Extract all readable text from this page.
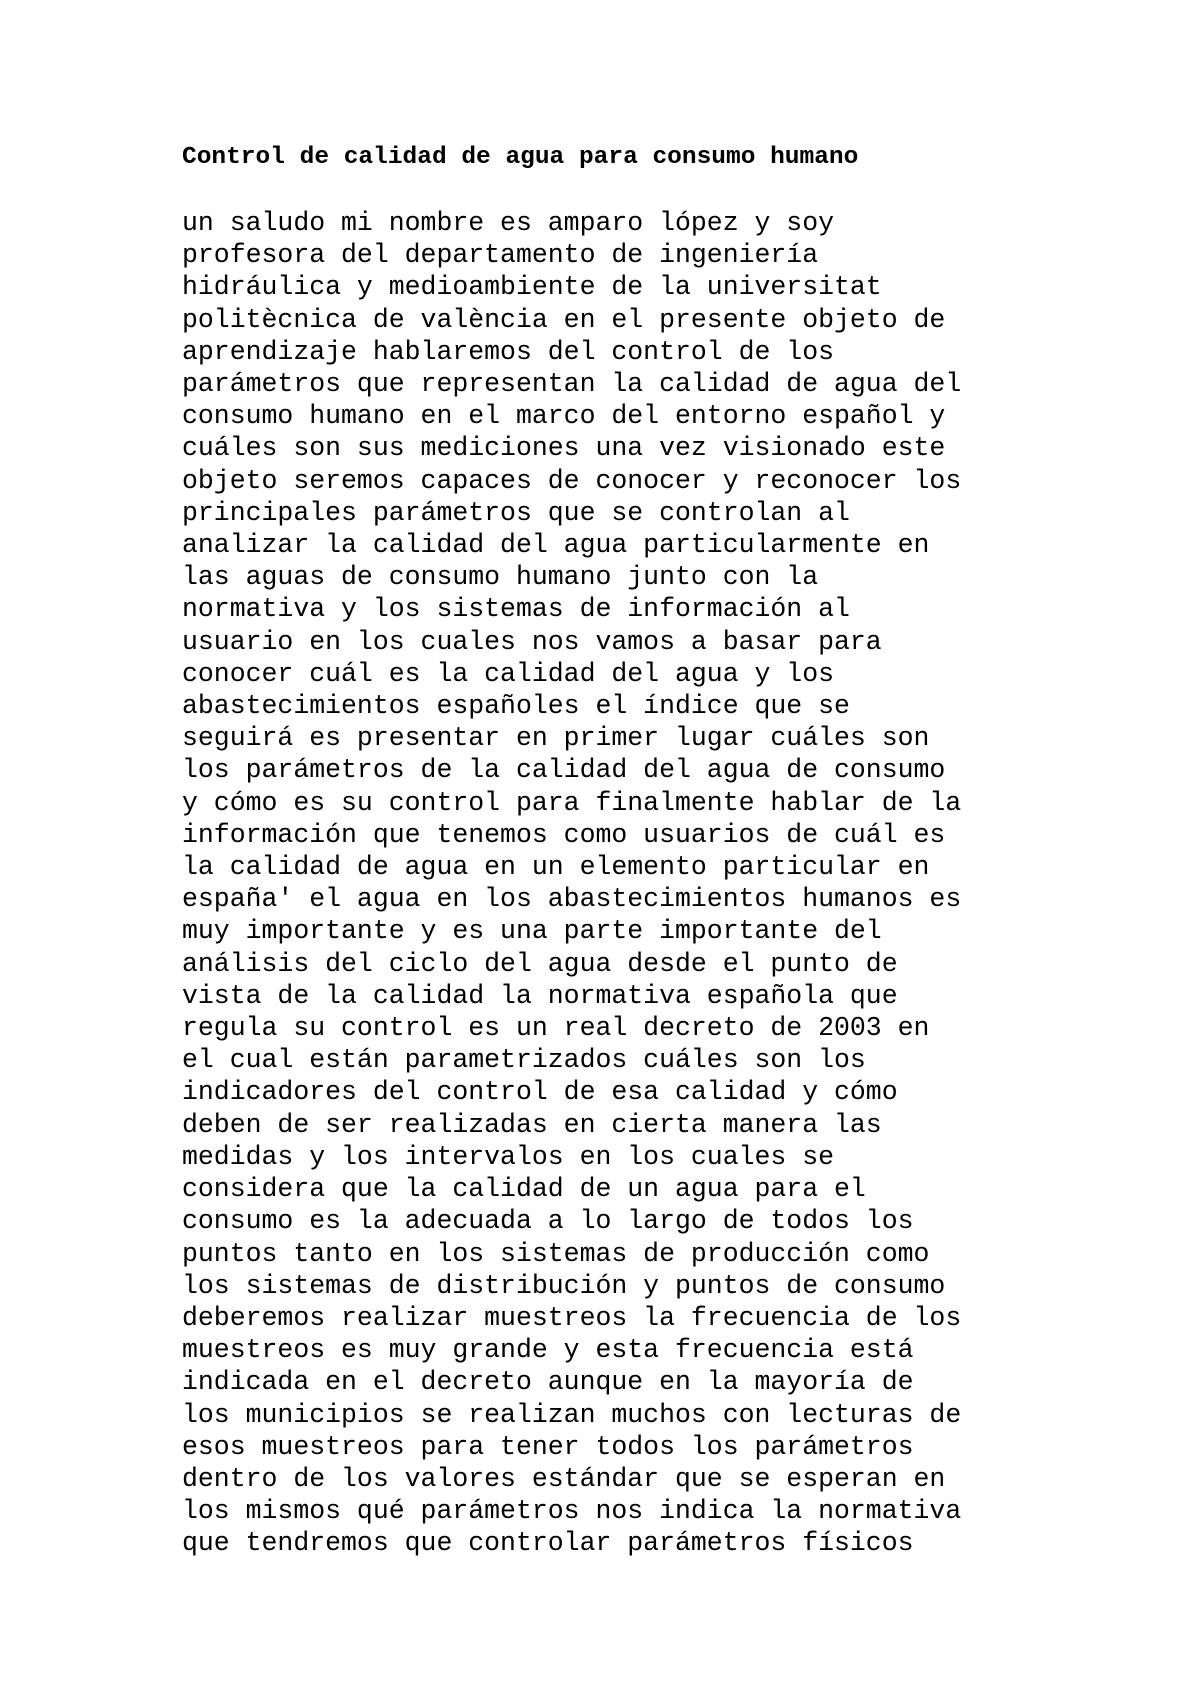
Control de calidad de agua para consumo humano
un saludo mi nombre es amparo lópez y soy
profesora del departamento de ingeniería
hidráulica y medioambiente de la universitat
politècnica de valència en el presente objeto de
aprendizaje hablaremos del control de los
parámetros que representan la calidad de agua del
consumo humano en el marco del entorno español y
cuáles son sus mediciones una vez visionado este
objeto seremos capaces de conocer y reconocer los
principales parámetros que se controlan al
analizar la calidad del agua particularmente en
las aguas de consumo humano junto con la
normativa y los sistemas de información al
usuario en los cuales nos vamos a basar para
conocer cuál es la calidad del agua y los
abastecimientos españoles el índice que se
seguirá es presentar en primer lugar cuáles son
los parámetros de la calidad del agua de consumo
y cómo es su control para finalmente hablar de la
información que tenemos como usuarios de cuál es
la calidad de agua en un elemento particular en
españa' el agua en los abastecimientos humanos es
muy importante y es una parte importante del
análisis del ciclo del agua desde el punto de
vista de la calidad la normativa española que
regula su control es un real decreto de 2003 en
el cual están parametrizados cuáles son los
indicadores del control de esa calidad y cómo
deben de ser realizadas en cierta manera las
medidas y los intervalos en los cuales se
considera que la calidad de un agua para el
consumo es la adecuada a lo largo de todos los
puntos tanto en los sistemas de producción como
los sistemas de distribución y puntos de consumo
deberemos realizar muestreos la frecuencia de los
muestreos es muy grande y esta frecuencia está
indicada en el decreto aunque en la mayoría de
los municipios se realizan muchos con lecturas de
esos muestreos para tener todos los parámetros
dentro de los valores estándar que se esperan en
los mismos qué parámetros nos indica la normativa
que tendremos que controlar parámetros físicos
